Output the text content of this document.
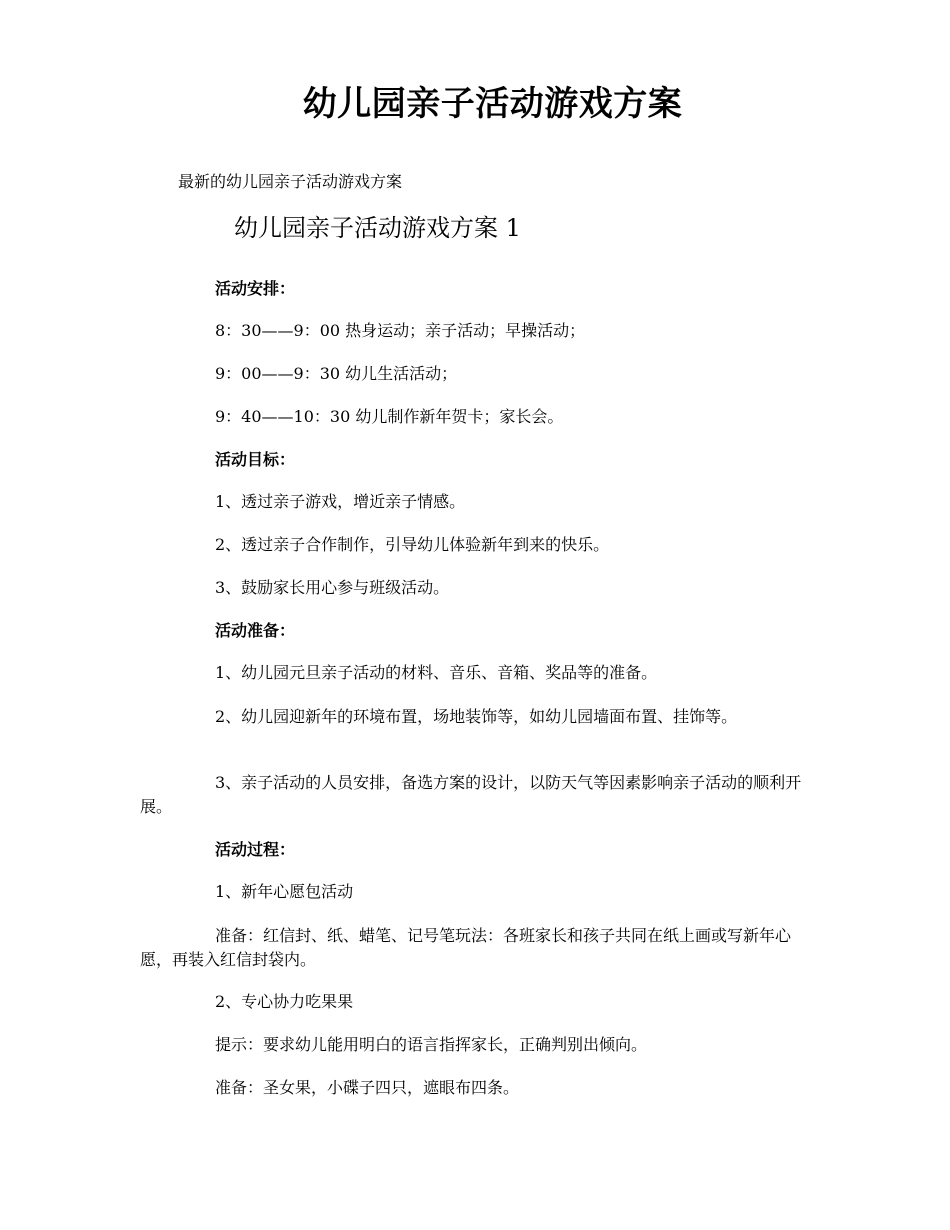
幼儿园亲子活动游戏方案

最新的幼儿园亲子活动游戏方案

幼儿园亲子活动游戏方案 1

活动安排：

8：30——9：00 热身运动；亲子活动；早操活动；

9：00——9：30 幼儿生活活动；

9：40——10：30 幼儿制作新年贺卡；家长会。

活动目标：

1、透过亲子游戏，增近亲子情感。

2、透过亲子合作制作，引导幼儿体验新年到来的快乐。

3、鼓励家长用心参与班级活动。

活动准备：

1、幼儿园元旦亲子活动的材料、音乐、音箱、奖品等的准备。

2、幼儿园迎新年的环境布置，场地装饰等，如幼儿园墙面布置、挂饰等。

3、亲子活动的人员安排，备选方案的设计，以防天气等因素影响亲子活动的顺利开展。

活动过程：

1、新年心愿包活动

准备：红信封、纸、蜡笔、记号笔玩法：各班家长和孩子共同在纸上画或写新年心愿，再装入红信封袋内。

2、专心协力吃果果

提示：要求幼儿能用明白的语言指挥家长，正确判别出倾向。

准备：圣女果，小碟子四只，遮眼布四条。
